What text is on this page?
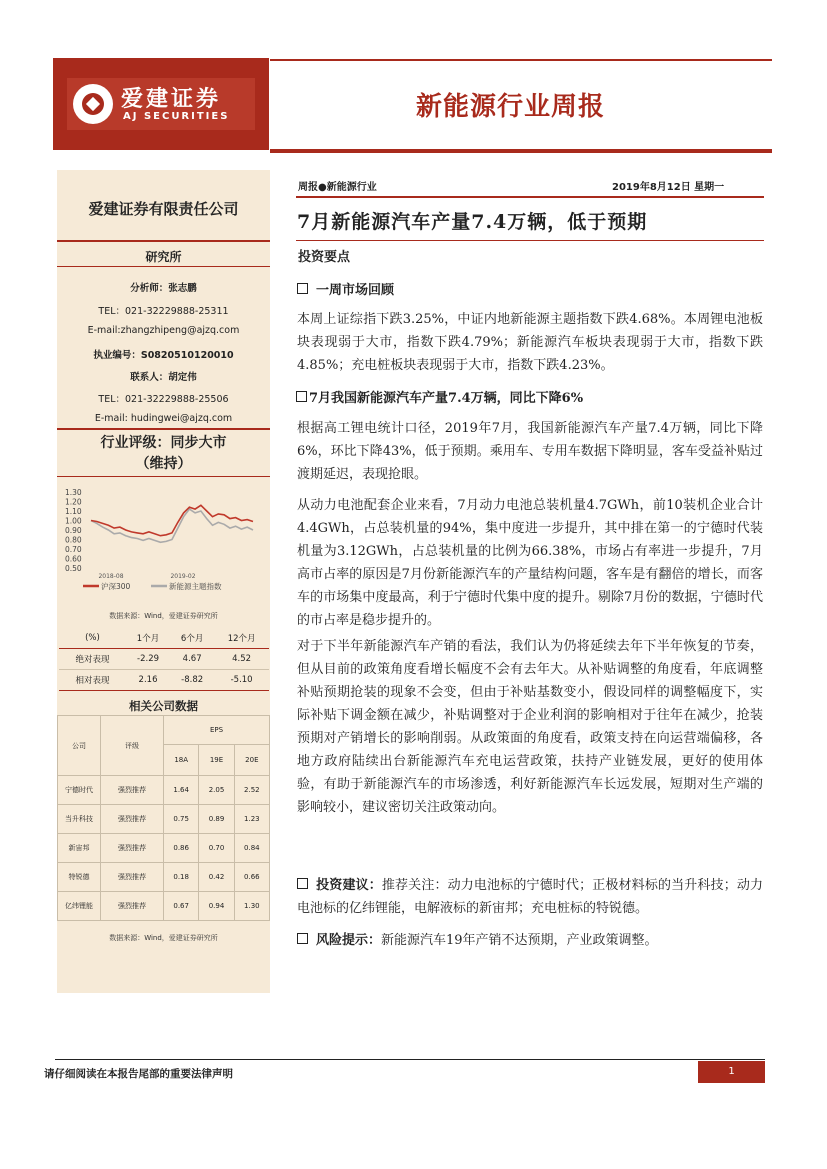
爱建证券
AJ SECURITIES	新能源行业周报
爱建证券有限责任公司
研究所
分析师：张志鹏
TEL：021-32229888-25311
E-mail:zhangzhipeng@ajzq.com
执业编号：S0820510120010
联系人：胡定伟
TEL：021-32229888-25506
E-mail: hudingwei@ajzq.com
行业评级：同步大市
（维持）
1.30
1.20
1.10
1.00
0.90
0.80
0.70
0.60
0.50
2018-08	2019-02
沪深300	新能源主题指数
数据来源：Wind，爱建证券研究所
(%)	1个月	6个月	12个月
绝对表现	-2.29	4.67	4.52
相对表现	2.16	-8.82	-5.10
相关公司数据
公司	评级	EPS		
		18A	19E	20E
宁德时代	强烈推荐	1.64	2.05	2.52
当升科技	强烈推荐	0.75	0.89	1.23
新宙邦	强烈推荐	0.86	0.70	0.84
特锐德	强烈推荐	0.18	0.42	0.66
亿纬锂能	强烈推荐	0.67	0.94	1.30
数据来源：Wind，爱建证券研究所
周报●新能源行业	2019年8月12日 星期一
7月新能源汽车产量7.4万辆，低于预期
投资要点
一周市场回顾
本周上证综指下跌3.25%，中证内地新能源主题指数下跌4.68%。本周锂电池板块表现弱于大市，指数下跌4.79%；新能源汽车板块表现弱于大市，指数下跌4.85%；充电桩板块表现弱于大市，指数下跌4.23%。
7月我国新能源汽车产量7.4万辆，同比下降6%
根据高工锂电统计口径，2019年7月，我国新能源汽车产量7.4万辆，同比下降6%，环比下降43%，低于预期。乘用车、专用车数据下降明显，客车受益补贴过渡期延迟，表现抢眼。
从动力电池配套企业来看，7月动力电池总装机量4.7GWh，前10装机企业合计4.4GWh，占总装机量的94%，集中度进一步提升，其中排在第一的宁德时代装机量为3.12GWh，占总装机量的比例为66.38%，市场占有率进一步提升，7月高市占率的原因是7月份新能源汽车的产量结构问题，客车是有翻倍的增长，而客车的市场集中度最高，利于宁德时代集中度的提升。剔除7月份的数据，宁德时代的市占率是稳步提升的。
对于下半年新能源汽车产销的看法，我们认为仍将延续去年下半年恢复的节奏，但从目前的政策角度看增长幅度不会有去年大。从补贴调整的角度看，年底调整补贴预期抢装的现象不会变，但由于补贴基数变小，假设同样的调整幅度下，实际补贴下调金额在减少，补贴调整对于企业利润的影响相对于往年在减少，抢装预期对产销增长的影响削弱。从政策面的角度看，政策支持在向运营端偏移，各地方政府陆续出台新能源汽车充电运营政策，扶持产业链发展，更好的使用体验，有助于新能源汽车的市场渗透，利好新能源汽车长远发展，短期对生产端的影响较小，建议密切关注政策动向。
投资建议：推荐关注：动力电池标的宁德时代；正极材料标的当升科技；动力电池标的亿纬锂能，电解液标的新宙邦；充电桩标的特锐德。
风险提示：新能源汽车19年产销不达预期，产业政策调整。
请仔细阅读在本报告尾部的重要法律声明	1
